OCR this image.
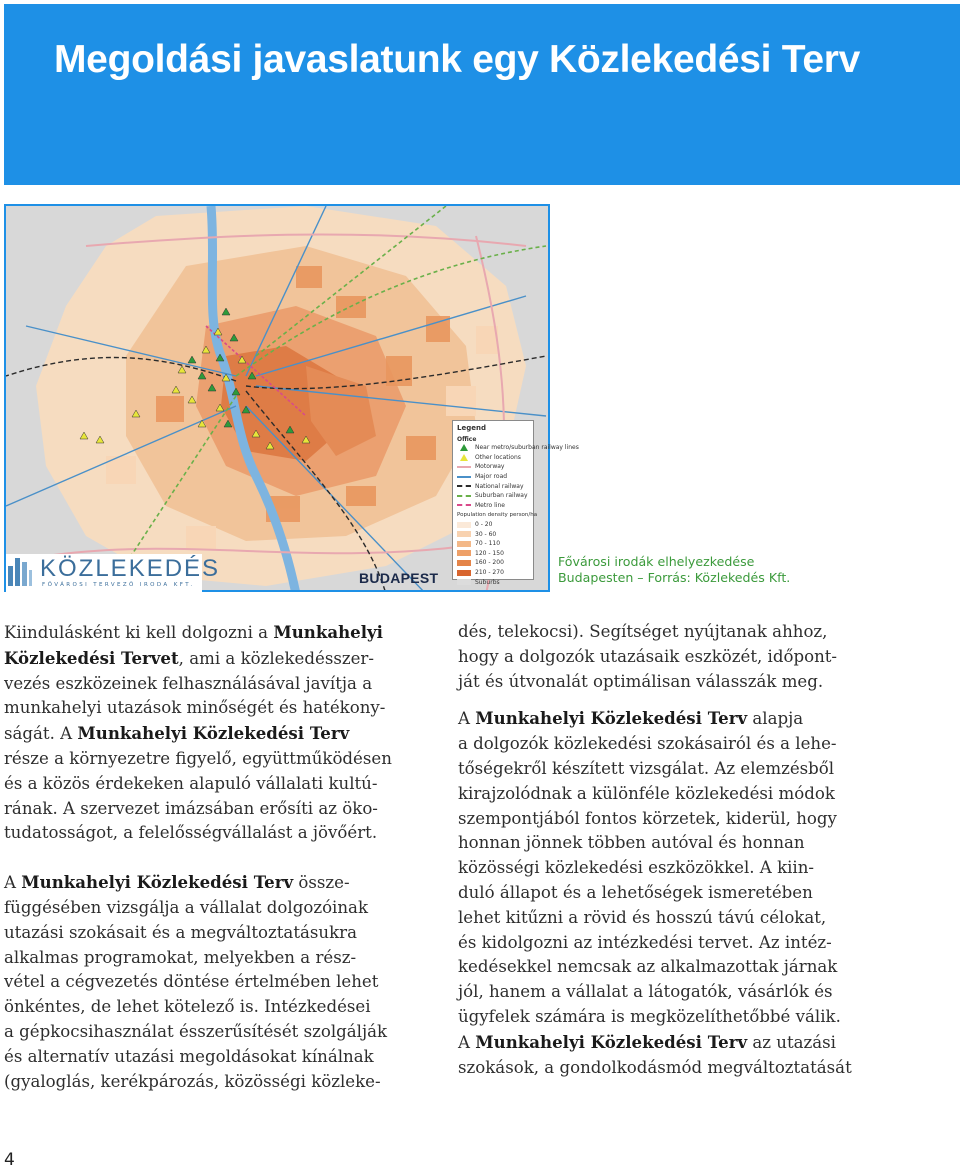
Megoldási javaslatunk egy Közlekedési Terv
BUDAPEST
Legend
Office
Near metro/suburban railway lines
Other locations
Motorway
Major road
National railway
Suburban railway
Metro line
Population density person/ha
0 - 20
30 - 60
70 - 110
120 - 150
160 - 200
210 - 270
Suburbs
KÖZLEKEDÉS
FŐVÁROSI TERVEZŐ IRODA KFT.
Fővárosi irodák elhelyezkedése
Budapesten – Forrás: Közlekedés Kft.

Kiindulásként ki kell dolgozni a Munkahelyi
Közlekedési Tervet, ami a közlekedésszer-
vezés eszközeinek felhasználásával javítja a
munkahelyi utazások minőségét és hatékony-
ságát. A Munkahelyi Közlekedési Terv
része a környezetre figyelő, együttműködésen
és a közös érdekeken alapuló vállalati kultú-
rának. A szervezet imázsában erősíti az öko-
tudatosságot, a felelősségvállalást a jövőért.

A Munkahelyi Közlekedési Terv össze-
függésében vizsgálja a vállalat dolgozóinak
utazási szokásait és a megváltoztatásukra
alkalmas programokat, melyekben a rész-
vétel a cégvezetés döntése értelmében lehet
önkéntes, de lehet kötelező is. Intézkedései
a gépkocsihasználat ésszerűsítését szolgálják
és alternatív utazási megoldásokat kínálnak
(gyaloglás, kerékpározás, közösségi közleke-

dés, telekocsi). Segítséget nyújtanak ahhoz,
hogy a dolgozók utazásaik eszközét, időpont-
ját és útvonalát optimálisan válasszák meg.

A Munkahelyi Közlekedési Terv alapja
a dolgozók közlekedési szokásairól és a lehe-
tőségekről készített vizsgálat. Az elemzésből
kirajzolódnak a különféle közlekedési módok
szempontjából fontos körzetek, kiderül, hogy
honnan jönnek többen autóval és honnan
közösségi közlekedési eszközökkel. A kiin-
duló állapot és a lehetőségek ismeretében
lehet kitűzni a rövid és hosszú távú célokat,
és kidolgozni az intézkedési tervet. Az intéz-
kedésekkel nemcsak az alkalmazottak járnak
jól, hanem a vállalat a látogatók, vásárlók és
ügyfelek számára is megközelíthetőbbé válik.
A Munkahelyi Közlekedési Terv az utazási
szokások, a gondolkodásmód megváltoztatását

4
